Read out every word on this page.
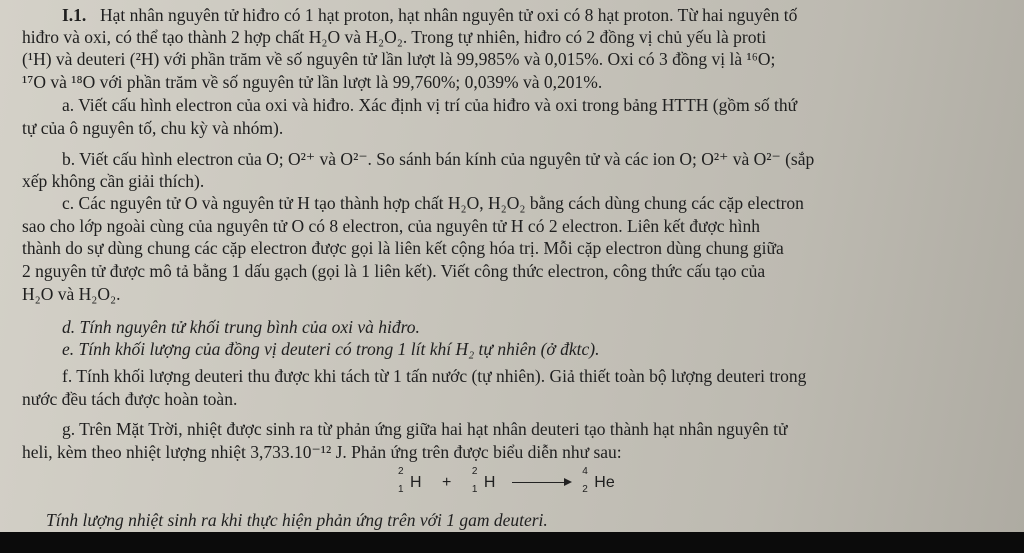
I.1. Hạt nhân nguyên tử hiđro có 1 hạt proton, hạt nhân nguyên tử oxi có 8 hạt proton. Từ hai nguyên tố
hiđro và oxi, có thể tạo thành 2 hợp chất H₂O và H₂O₂. Trong tự nhiên, hiđro có 2 đồng vị chủ yếu là proti
(¹H) và deuteri (²H) với phần trăm về số nguyên tử lần lượt là 99,985% và 0,015%. Oxi có 3 đồng vị là ¹⁶O;
¹⁷O và ¹⁸O với phần trăm về số nguyên tử lần lượt là 99,760%; 0,039% và 0,201%.
a. Viết cấu hình electron của oxi và hiđro. Xác định vị trí của hiđro và oxi trong bảng HTTH (gồm số thứ
tự của ô nguyên tố, chu kỳ và nhóm).
b. Viết cấu hình electron của O; O²⁺ và O²⁻. So sánh bán kính của nguyên tử và các ion O; O²⁺ và O²⁻ (sắp
xếp không cần giải thích).
c. Các nguyên tử O và nguyên tử H tạo thành hợp chất H₂O, H₂O₂ bằng cách dùng chung các cặp electron
sao cho lớp ngoài cùng của nguyên tử O có 8 electron, của nguyên tử H có 2 electron. Liên kết được hình
thành do sự dùng chung các cặp electron được gọi là liên kết cộng hóa trị. Mỗi cặp electron dùng chung giữa
2 nguyên tử được mô tả bằng 1 dấu gạch (gọi là 1 liên kết). Viết công thức electron, công thức cấu tạo của
H₂O và H₂O₂.
d. Tính nguyên tử khối trung bình của oxi và hiđro.
e. Tính khối lượng của đồng vị deuteri có trong 1 lít khí H₂ tự nhiên (ở đktc).
f. Tính khối lượng deuteri thu được khi tách từ 1 tấn nước (tự nhiên). Giả thiết toàn bộ lượng deuteri trong
nước đều tách được hoàn toàn.
g. Trên Mặt Trời, nhiệt được sinh ra từ phản ứng giữa hai hạt nhân deuteri tạo thành hạt nhân nguyên tử
heli, kèm theo nhiệt lượng nhiệt 3,733.10⁻¹² J. Phản ứng trên được biểu diễn như sau:
2
1 H +
2
1 H →
4
2 He
Tính lượng nhiệt sinh ra khi thực hiện phản ứng trên với 1 gam deuteri.
